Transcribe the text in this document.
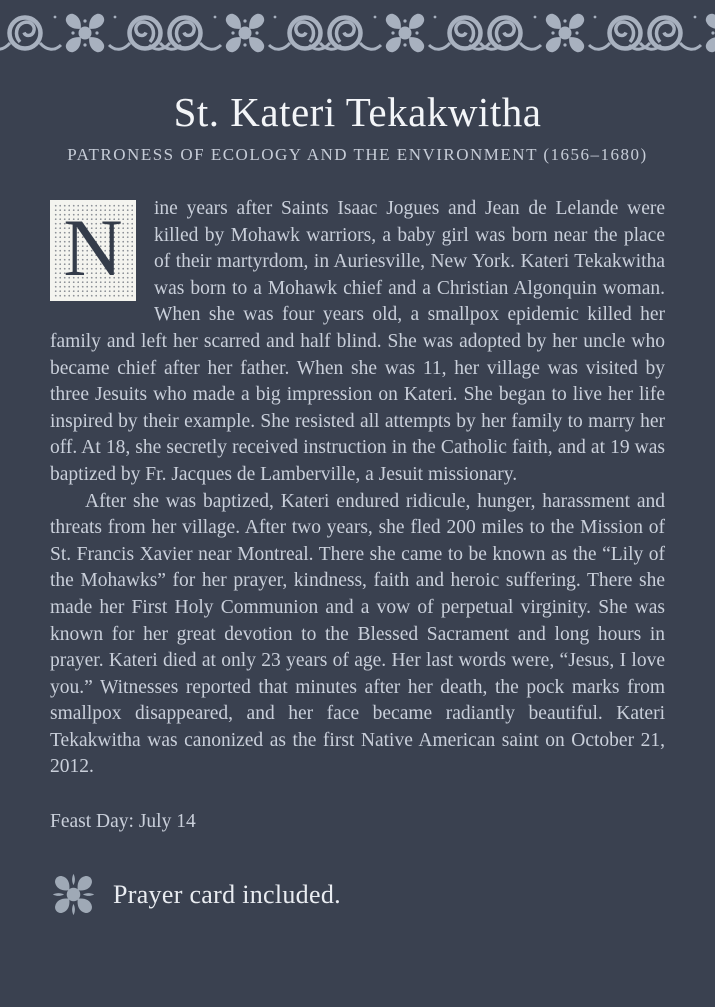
St. Kateri Tekakwitha
PATRONESS OF ECOLOGY AND THE ENVIRONMENT (1656–1680)
N	ine years after Saints Isaac Jogues and Jean de Lelande were killed by Mohawk warriors, a baby girl was born near the place of their martyrdom, in Auriesville, New York. Kateri Tekakwitha was born to a Mohawk chief and a Christian Algonquin woman. When she was four years old, a smallpox epidemic killed her family and left her scarred and half blind. She was adopted by her uncle who became chief after her father. When she was 11, her village was visited by three Jesuits who made a big impression on Kateri. She began to live her life inspired by their example. She resisted all attempts by her family to marry her off. At 18, she secretly received instruction in the Catholic faith, and at 19 was baptized by Fr. Jacques de Lamberville, a Jesuit missionary.

After she was baptized, Kateri endured ridicule, hunger, harassment and threats from her village. After two years, she fled 200 miles to the Mission of St. Francis Xavier near Montreal. There she came to be known as the “Lily of the Mohawks” for her prayer, kindness, faith and heroic suffering. There she made her First Holy Communion and a vow of perpetual virginity. She was known for her great devotion to the Blessed Sacrament and long hours in prayer. Kateri died at only 23 years of age. Her last words were, “Jesus, I love you.” Witnesses reported that minutes after her death, the pock marks from smallpox disappeared, and her face became radiantly beautiful. Kateri Tekakwitha was canonized as the first Native American saint on October 21, 2012.

Feast Day: July 14
Prayer card included.
